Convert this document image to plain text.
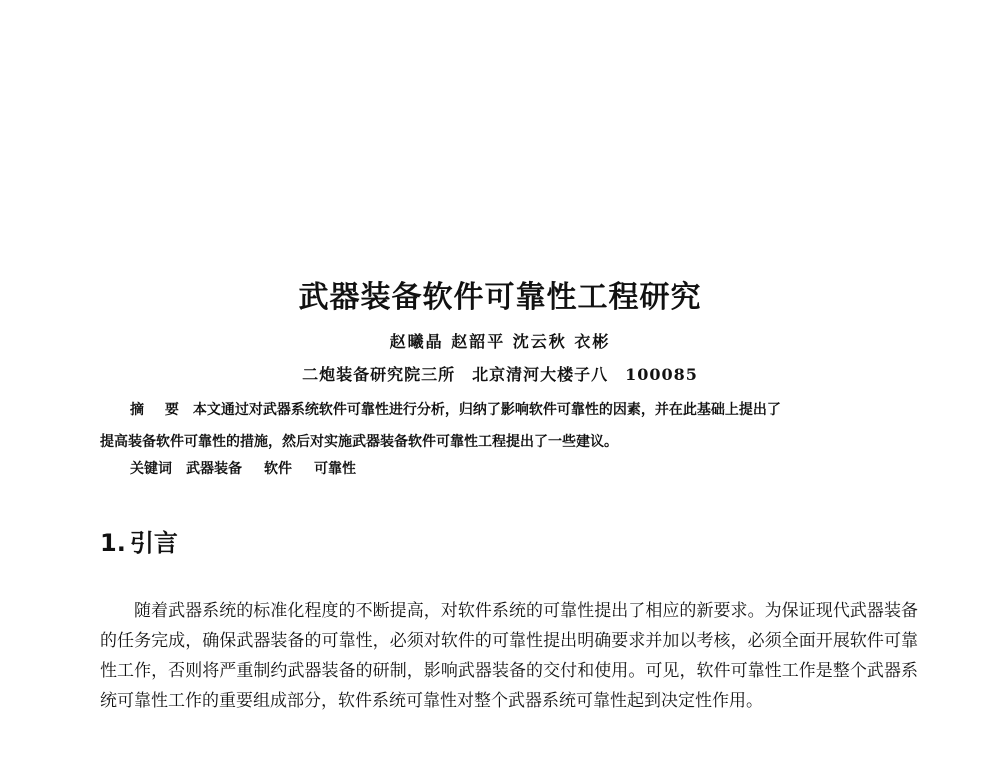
武器装备软件可靠性工程研究
赵曦晶 赵韶平 沈云秋 衣彬
二炮装备研究院三所　北京清河大楼子八　100085
摘 要 本文通过对武器系统软件可靠性进行分析，归纳了影响软件可靠性的因素，并在此基础上提出了
提高装备软件可靠性的措施，然后对实施武器装备软件可靠性工程提出了一些建议。
关键词 武器装备 软件 可靠性
1. 引言

随着武器系统的标准化程度的不断提高，对软件系统的可靠性提出了相应的新要求。为保证现代武器装备的任务完成，确保武器装备的可靠性，必须对软件的可靠性提出明确要求并加以考核，必须全面开展软件可靠性工作，否则将严重制约武器装备的研制，影响武器装备的交付和使用。可见，软件可靠性工作是整个武器系统可靠性工作的重要组成部分，软件系统可靠性对整个武器系统可靠性起到决定性作用。
